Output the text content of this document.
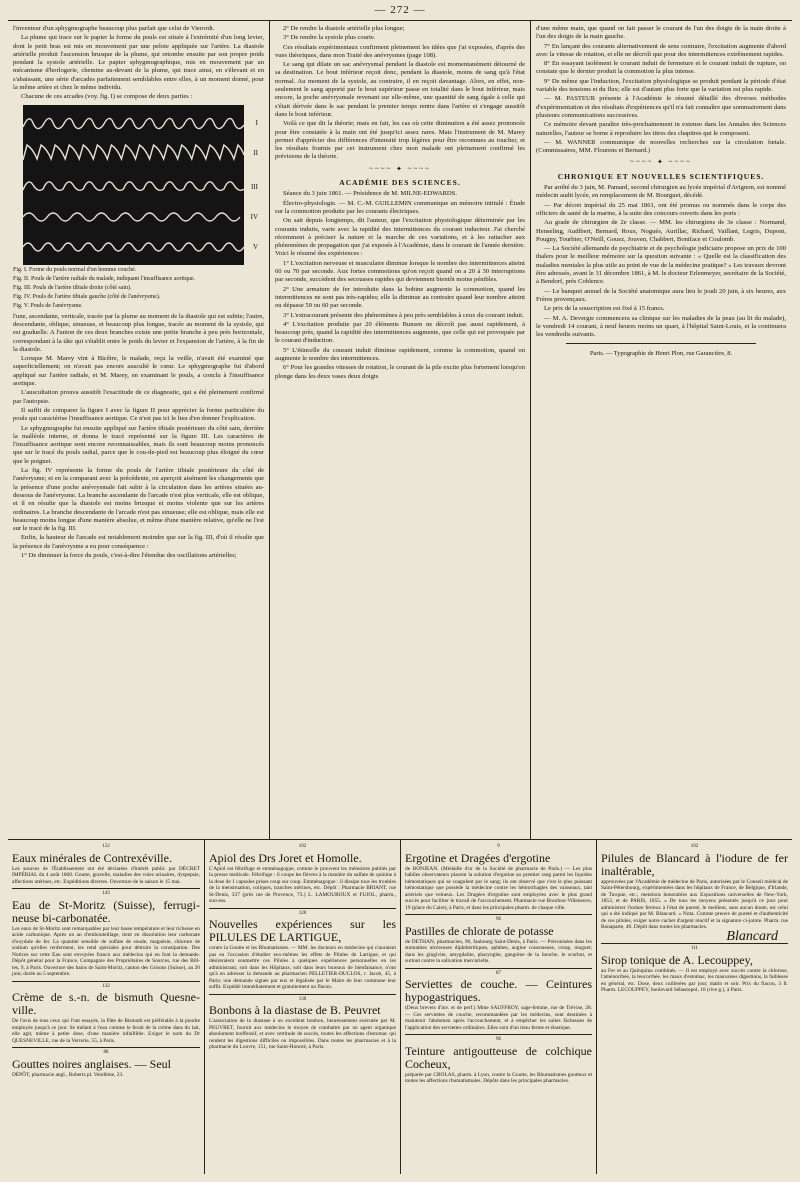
— 272 —

l'inventeur d'un sphygmographe beaucoup plus parfait que celui de Vierordt.

La plume qui trace sur le papier la forme du pouls est située à l'extrémité d'un long levier, dont le petit bras est mis en mouvement par une pelote appliquée sur l'artère. La diastole artérielle produit l'ascension brusque de la plume, qui retombe ensuite par son propre poids pendant la systole artérielle. Le papier sphygmographique, mis en mouvement par un mécanisme d'horlogerie, chemine au-devant de la plume, qui trace ainsi, en s'élevant et en s'abaissant, une série d'arcades parfaitement semblables entre elles, à un moment donné, pour la même artère et chez le même individu.

Chacune de ces arcades (voy. fig. I) se compose de deux parties :

I
II
III
IV
V
Fig. I. Forme du pouls normal d'un homme couché.
Fig. II. Pouls de l'artère radiale du malade, indiquant l'insuffisance aortique.
Fig. III. Pouls de l'artère tibiale droite (côté sain).
Fig. IV. Pouls de l'artère tibiale gauche (côté de l'anévrysme).
Fig. V. Pouls de l'anévrysme.

l'une, ascendante, verticale, tracée par la plume au moment de la diastole qui est subite; l'autre, descendante, oblique, sinueuse, et beaucoup plus longue, tracée au moment de la systole, qui est graduelle. A l'union de ces deux branches existe une petite branche à peu près horizontale, correspondant à la tâte qui s'établit entre le poids du levier et l'expansion de l'artère, à la fin de la diastole.

Lorsque M. Marey vint à Bicêtre, le malade, reçu la veille, n'avait été examiné que superficiellement; on n'avait pas encore ausculté le cœur. Le sphygmographe fut d'abord appliqué sur l'artère radiale, et M. Marey, en examinant le pouls, a conclu à l'insuffisance aortique.

L'auscultation prouva aussitôt l'exactitude de ce diagnostic, qui a été pleinement confirmé par l'autopsie.

Il suffit de comparer la figure I avec la figure II pour apprécier la forme particulière du pouls qui caractérise l'insuffisance aortique. Ce n'est pas ici le lieu d'en donner l'explication.

Le sphygmographe fut ensuite appliqué sur l'artère tibiale postérieure du côté sain, derrière la malléole interne, et donna le tracé représenté sur la figure III. Les caractères de l'insuffisance aortique sont encore reconnaissables, mais ils sont beaucoup moins prononcés que sur le tracé du pouls radial, parce que le cou-de-pied est beaucoup plus éloigné du cœur que le poignet.

La fig. IV représente la forme du pouls de l'artère tibiale postérieure du côté de l'anévrysme; et en la comparant avec la précédente, on aperçoit aisément les changements que la présence d'une poche anévrysmale fait subir à la circulation dans les artères situées au-dessous de l'anévrysme. La branche ascendante de l'arcade n'est plus verticale, elle est oblique, et il en résulte que la diastole est moins brusque et moins violente que sur les artères ordinaires. La branche descendante de l'arcade n'est pas sinueuse; elle est oblique, mais elle est beaucoup moins longue d'une manière absolue, et même d'une manière relative, qu'elle ne l'est sur le tracé de la fig. III.

Enfin, la hauteur de l'arcade est notablement moindre que sur la fig. III, d'où il résulte que la présence de l'anévrysme a eu pour conséquence :

1° De diminuer la force du pouls, c'est-à-dire l'étendue des oscillations artérielles;

2° De rendre la diastole artérielle plus longue;

3° De rendre la systole plus courte.

Ces résultats expérimentaux confirment pleinement les idées que j'ai exposées, d'après des vues théoriques, dans mon Traité des anévrysmes (page 108).

Le sang qui dilate un sac anévrysmal pendant la diastole est momentanément détourné de sa destination. Le bout inférieur reçoit donc, pendant la diastole, moins de sang qu'à l'état normal. Au moment de la systole, au contraire, il en reçoit davantage. Alors, en effet, non-seulement le sang apporté par le bout supérieur passe en totalité dans le bout inférieur, mais encore, la poche anévrysmale revenant sur elle-même, une quantité de sang égale à celle qui s'était dérivée dans le sac pendant le premier temps rentre dans l'artère et s'engage aussitôt dans le bout inférieur.

Voilà ce que dit la théorie; mais en fait, les cas où cette diminution a été assez prononcée pour être constatée à la main ont été jusqu'ici assez rares. Mais l'instrument de M. Marey permet d'apprécier des différences d'intensité trop légères pour être reconnues au toucher, et les résultats fournis par cet instrument chez mon malade ont pleinement confirmé les prévisions de la théorie.

~~~~ ✦ ~~~~
ACADÉMIE DES SCIENCES.

Séance du 3 juin 1861. — Présidence de M. MILNE-EDWARDS.

Électro-physiologie. — M. C.-M. GUILLEMIN communique un mémoire intitulé : Étude sur la commotion produite par les courants électriques.

On sait depuis longtemps, dit l'auteur, que l'excitation physiologique déterminée par les courants induits, varie avec la rapidité des intermittences du courant inducteur. J'ai cherché récemment à préciser la nature et la marche de ces variations, et à les rattacher aux phénomènes de propagation que j'ai exposés à l'Académie, dans le courant de l'année dernière. Voici le résumé des expériences :

1° L'excitation nerveuse et musculaire diminue lorsque le nombre des intermittences atteint 60 ou 70 par seconde. Aux fortes commotions qu'on reçoit quand on a 20 à 30 interruptions par seconde, succèdent des secousses rapides qui deviennent bientôt moins pénibles.

2° Une armature de fer introduite dans la bobine augmente la commotion, quand les intermittences ne sont pas très-rapides; elle la diminue au contraire quand leur nombre atteint ou dépasse 50 ou 60 par seconde.

3° L'extracourant présente des phénomènes à peu près semblables à ceux du courant induit.

4° L'excitation produite par 20 éléments Bunsen ne décroît pas aussi rapidement, à beaucoup près, quand la rapidité des intermittences augmente, que celle qui est provoquée par le courant d'induction.

5° L'étincelle du courant induit diminue rapidement, comme la commotion, quand on augmente le nombre des intermittences.

6° Pour les grandes vitesses de rotation, le courant de la pile excite plus fortement lorsqu'on plonge dans les deux vases deux doigts

d'une même main, que quand on fait passer le courant de l'un des doigts de la main droite à l'un des doigts de la main gauche.

7° En lançant des courants alternativement de sens contraire, l'excitation augmente d'abord avec la vitesse de rotation, et elle ne décroît que pour des intermittences extrêmement rapides.

8° En essayant isolément le courant induit de fermeture et le courant induit de rupture, on constate que le dernier produit la commotion la plus intense.

9° De même que l'induction, l'excitation physiologique se produit pendant la période d'état variable des tensions et du flux; elle est d'autant plus forte que la variation est plus rapide.

— M. PASTEUR présente à l'Académie le résumé détaillé des diverses méthodes d'expérimentation et des résultats d'expériences qu'il n'a fait connaître que sommairement dans plusieurs communications successives.

Ce mémoire devant paraître très-prochainement in extenso dans les Annales des Sciences naturelles, l'auteur se borne à reproduire les titres des chapitres qui le composent.

— M. WANNER communique de nouvelles recherches sur la circulation fœtale. (Commissaires, MM. Flourens et Bernard.)

~~~~ ✦ ~~~~
CHRONIQUE ET NOUVELLES SCIENTIFIQUES.

Par arrêté du 3 juin, M. Pamard, second chirurgien au lycée impérial d'Avignon, est nommé médecin audit lycée, en remplacement de M. Bourguet, décédé.

— Par décret impérial du 25 mai 1861, ont été promus ou nommés dans le corps des officiers de santé de la marine, à la suite des concours ouverts dans les ports :

Au grade de chirurgien de 2e classe. — MM. les chirurgiens de 3e classe : Normand, Henseling, Audibert, Bernard, Roux, Nogués, Aurillac, Richard, Vaillant, Legris, Dupont, Pougny, Tourbier, O'Neill, Gouez, Jouven, Chabbert, Boniface et Coulomb.

— La Société allemande de psychiatrie et de psychologie judiciaire propose un prix de 100 thalers pour le meilleur mémoire sur la question suivante : « Quelle est la classification des maladies mentales la plus utile au point de vue de la médecine pratique? » Les travaux devront être adressés, avant le 31 décembre 1861, à M. le docteur Erlenmeyer, secrétaire de la Société, à Bendorf, près Coblence.

— Le banquet annuel de la Société anatomique aura lieu le jeudi 20 juin, à six heures, aux Frères provençaux.

Le prix de la souscription est fixé à 15 francs.

— M. A. Devergie commencera sa clinique sur les maladies de la peau (au lit du malade), le vendredi 14 courant, à neuf heures moins un quart, à l'hôpital Saint-Louis, et la continuera les vendredis suivants.

Paris. — Typographie de Henri Plon, rue Garancière, 8.
122
Eaux minérales de Contrexéville.
Les sources de l'Établissement ont été déclarées d'intérêt public par DÉCRET IMPÉRIAL du 4 août 1860. Goutte, gravelle, maladies des voies urinaires, dyspepsie, affections utérines, etc. Expéditions directes. Ouverture de la saison le 15 mai.
143
Eau de St-Moritz (Suisse), ferrugi-neuse bi-carbonatée.
Les eaux de St-Moritz sont remarquables par leur basse température et leur richesse en acide carbonique. Après un an d'embouteillage, tient en dissolution leur carbonate d'oxydule de fer. La quantité sensible de sulfate de soude, magnésie, chlorure de sodium qu'elles renferment, les rend spéciales pour détruire la constipation. Des Notices sur cette Eau sont envoyées franco aux médecins qui en font la demande. Dépôt général pour la France, Compagnie des Propriétaires de Sources, rue des Bill-tes, 9, à Paris. Ouverture des bains de Saint-Moritz, canton des Grisons (Suisse), au 20 juin; durée au 5 septembre.
132
Crème de s.-n. de bismuth Quesne-ville.
De l'avis de tous ceux qui l'ont essayée, la Pâte de Bismuth est préférable à la poudre employée jusqu'à ce jour. Se mêlant à l'eau comme le ferait de la crème dans du lait, elle agit, même à petite dose, d'une manière infaillible. Exiger le nom du Dr QUESNEVILLE, rue de la Verrerie, 55, à Paris.
88
Gouttes noires anglaises. — Seul
DÉPÔT, pharmacie angl., Roberts pl. Vendôme, 23.
102
Apiol des Drs Joret et Homolle.
L'Apiol est fébrifuge et emménagogue, comme le prouvent les mémoires publiés par la presse médicale. Fébrifuge : il coupe les fièvres à la manière du sulfate de quinine à la dose de 1 capsules prises coup sur coup. Emménagogue : il dissipe tous les troubles de la menstruation, coliques, tranches utérines, etc. Dépôt : Pharmacie BRIANT, rue St-Denis, 337 (près rue de Provence, 73.) L. LAMOUROUX et FUJOL, pharm., success.
120
Nouvelles expériences sur les PILULES DE LARTIGUE,
contre la Goutte et les Rhumatismes. — MM. les docteurs en médecine qui n'auraient pas eu l'occasion d'étudier eux-mêmes les effets de Pilules de Lartigue, et qui désireraient soumettre ces Pilules à quelques expériences personnelles en les administrant, soit dans les Hôpitaux, soit dans leurs bureaux de bienfaisance, n'ont qu'à en adresser la demande au pharmacien PELLETIER-DUCLOS, r. Jacob, 45, à Paris; une demande signée par eux et légalisée par le Maire de leur commune leur suffit. Expédié immédiatement et gratuitement un flacon.
130
Bonbons à la diastase de B. Peuvret
L'association de la diastase à un excellent bonbon, heureusement exécutée par M. PEUVRET, fournit aux médecins le moyen de combattre par un agent organique absolument inoffensif, et avec certitude de succès, toutes les affections d'estomac qui rendent les digestions difficiles ou impossibles. Dans toutes les pharmacies et à la pharmacie du Louvre, 151, rue Saint-Honoré, à Paris.
9
Ergotine et Dragées d'ergotine
de BONJEAN. (Médaille d'or de la Société de pharmacie de Paris.) — Les plus habiles observateurs placent la solution d'ergotine au premier rang parmi les liquides hémostatiques qui se coagulent par le sang; ils ont observé que c'est le plus puissant hémostatique que possède la médecine contre les hémorrhagies des vaisseaux, tant artériels que veineux. Les Dragées d'ergotine sont employées avec le plus grand succès pour faciliter le travail de l'accouchement. Pharmacie rue Bourbon-Villeneuve, 19 (place du Caire), à Paris, et dans les principales pharm. de chaque ville.
96
Pastilles de chlorate de potasse
de DETHAN, pharmacien, 90, faubourg Saint-Denis, à Paris. — Préconisées dans les stomatites ulcéreuses diphthéritiques, aphthes, angine couenneuse, croup, muguet; dans les gingivite, amygdalite, pharyngite, gangrène de la bouche, le scorbut, et surtout contre la salivation mercurielle.
87
Serviettes de couche. — Ceintures hypogastriques.
(Deux brevets d'inv. et de perf.) Mme SAUFFROY, sage-femme, rue de Trévise, 28. — Ces serviettes de couche, recommandées par les médecins, sont destinées à maintenir l'abdomen après l'accouchement, et à empêcher les suites fâcheuses de l'application des serviettes ordinaires. Elles sont d'un tissu ferme et élastique.
96
Teinture antigoutteuse de colchique Cocheux,
préparée par CROLAS, pharm. à Lyon, contre la Goutte, les Rhumatismes goutteux et toutes les affections rhumatismales. Dépôts dans les principales pharmacies.
102
Pilules de Blancard à l'iodure de fer inaltérable,
approuvées par l'Académie de médecine de Paris, autorisées par le Conseil médical de Saint-Pétersbourg, expérimentées dans les hôpitaux de France, de Belgique, d'Irlande, de Turquie, etc.; mentions honorables aux Expositions universelles de New-York, 1853, et de PARIS, 1855. « De tous les moyens présentés jusqu'à ce jour pour administrer l'iodure ferreux à l'état de pureté, le meilleur, sans aucun doute, est celui qui a été indiqué par M. Blancard. » Nota. Comme preuve de pureté et d'authenticité de ces pilules, exiger notre cachet d'argent réactif et la signature ci-jointe. Pharm. rue Bonaparte, 40. Dépôt dans toutes les pharmacies.
Blancard
111
Sirop tonique de A. Lecouppey,
au Fer et au Quinquina combinés. — Il est employé avec succès contre la chlorose, l'aménorrhée, la leucorrhée, les maux d'estomac, les mauvaises digestions, la faiblesse en général, etc. Dose, deux cuillerées par jour, matin et soir. Prix du flacon, 3 fr. Pharm. LECOUPPEY, boulevard Sébastopol, 10 (rive g.), à Paris.
